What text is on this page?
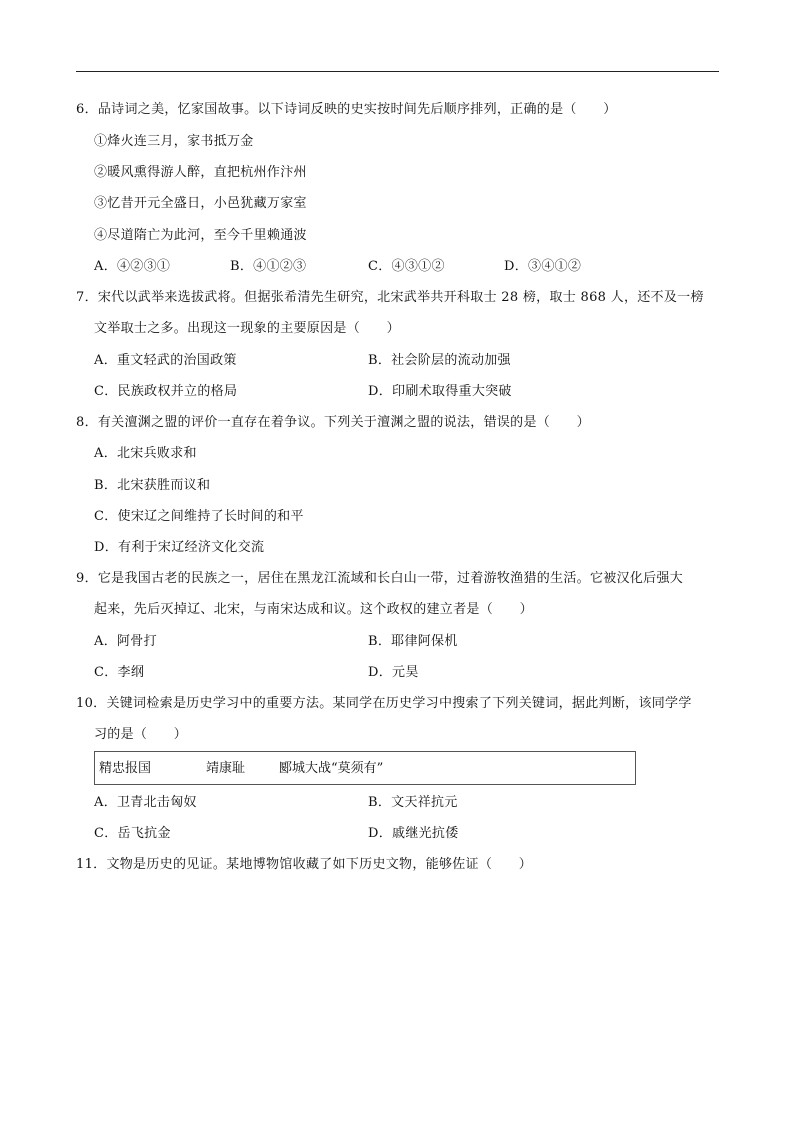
6．品诗词之美，忆家国故事。以下诗词反映的史实按时间先后顺序排列，正确的是（　　）
①烽火连三月，家书抵万金
②暖风熏得游人醉，直把杭州作汴州
③忆昔开元全盛日，小邑犹藏万家室
④尽道隋亡为此河，至今千里赖通波
A．④②③①	B．④①②③	C．④③①②	D．③④①②
7．宋代以武举来选拔武将。但据张希清先生研究，北宋武举共开科取士 28 榜，取士 868 人，还不及一榜
文举取士之多。出现这一现象的主要原因是（　　）
A．重文轻武的治国政策	B．社会阶层的流动加强
C．民族政权并立的格局	D．印刷术取得重大突破
8．有关澶渊之盟的评价一直存在着争议。下列关于澶渊之盟的说法，错误的是（　　）
A．北宋兵败求和
B．北宋获胜而议和
C．使宋辽之间维持了长时间的和平
D．有利于宋辽经济文化交流
9．它是我国古老的民族之一，居住在黑龙江流域和长白山一带，过着游牧渔猎的生活。它被汉化后强大
起来，先后灭掉辽、北宋，与南宋达成和议。这个政权的建立者是（　　）
A．阿骨打	B．耶律阿保机
C．李纲	D．元昊
10．关键词检索是历史学习中的重要方法。某同学在历史学习中搜索了下列关键词，据此判断，该同学学
习的是（　　）
精忠报国	靖康耻	郾城大战“莫须有”
A．卫青北击匈奴	B．文天祥抗元
C．岳飞抗金	D．戚继光抗倭
11．文物是历史的见证。某地博物馆收藏了如下历史文物，能够佐证（　　）
